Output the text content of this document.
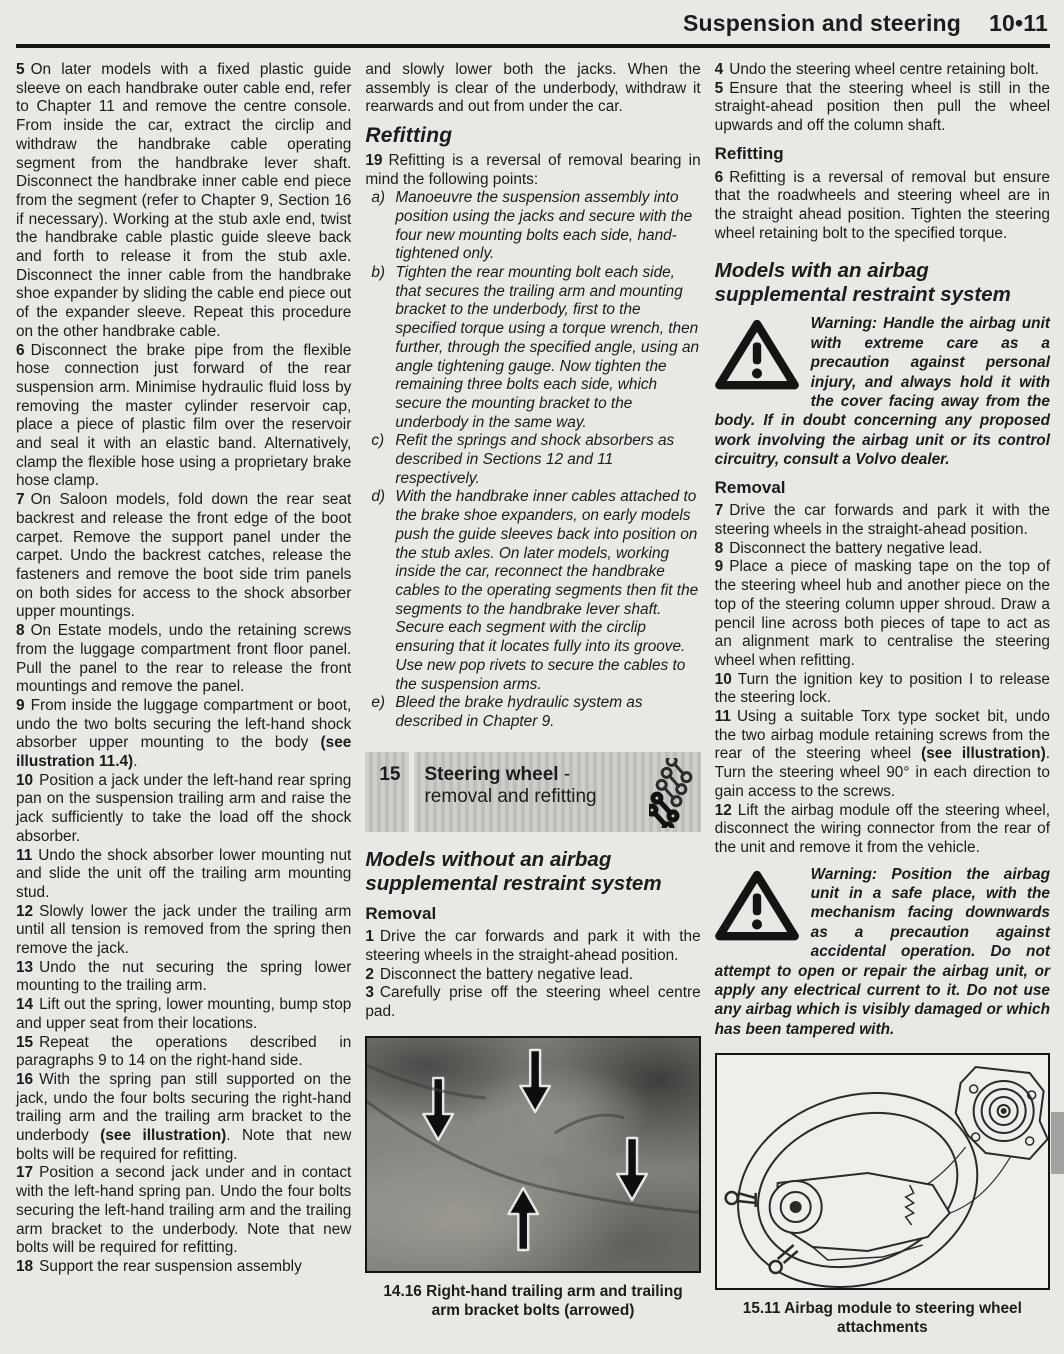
Suspension and steering 10•11

5 On later models with a fixed plastic guide sleeve on each handbrake outer cable end, refer to Chapter 11 and remove the centre console. From inside the car, extract the circlip and withdraw the handbrake cable operating segment from the handbrake lever shaft. Disconnect the handbrake inner cable end piece from the segment (refer to Chapter 9, Section 16 if necessary). Working at the stub axle end, twist the handbrake cable plastic guide sleeve back and forth to release it from the stub axle. Disconnect the inner cable from the handbrake shoe expander by sliding the cable end piece out of the expander sleeve. Repeat this procedure on the other handbrake cable.

6 Disconnect the brake pipe from the flexible hose connection just forward of the rear suspension arm. Minimise hydraulic fluid loss by removing the master cylinder reservoir cap, place a piece of plastic film over the reservoir and seal it with an elastic band. Alternatively, clamp the flexible hose using a proprietary brake hose clamp.

7 On Saloon models, fold down the rear seat backrest and release the front edge of the boot carpet. Remove the support panel under the carpet. Undo the backrest catches, release the fasteners and remove the boot side trim panels on both sides for access to the shock absorber upper mountings.

8 On Estate models, undo the retaining screws from the luggage compartment front floor panel. Pull the panel to the rear to release the front mountings and remove the panel.

9 From inside the luggage compartment or boot, undo the two bolts securing the left-hand shock absorber upper mounting to the body (see illustration 11.4).

10 Position a jack under the left-hand rear spring pan on the suspension trailing arm and raise the jack sufficiently to take the load off the shock absorber.

11 Undo the shock absorber lower mounting nut and slide the unit off the trailing arm mounting stud.

12 Slowly lower the jack under the trailing arm until all tension is removed from the spring then remove the jack.

13 Undo the nut securing the spring lower mounting to the trailing arm.

14 Lift out the spring, lower mounting, bump stop and upper seat from their locations.

15 Repeat the operations described in paragraphs 9 to 14 on the right-hand side.

16 With the spring pan still supported on the jack, undo the four bolts securing the right-hand trailing arm and the trailing arm bracket to the underbody (see illustration). Note that new bolts will be required for refitting.

17 Position a second jack under and in contact with the left-hand spring pan. Undo the four bolts securing the left-hand trailing arm and the trailing arm bracket to the underbody. Note that new bolts will be required for refitting.

18 Support the rear suspension assembly

and slowly lower both the jacks. When the assembly is clear of the underbody, withdraw it rearwards and out from under the car.

Refitting

19 Refitting is a reversal of removal bearing in mind the following points:

a) Manoeuvre the suspension assembly into position using the jacks and secure with the four new mounting bolts each side, hand-tightened only.
b) Tighten the rear mounting bolt each side, that secures the trailing arm and mounting bracket to the underbody, first to the specified torque using a torque wrench, then further, through the specified angle, using an angle tightening gauge. Now tighten the remaining three bolts each side, which secure the mounting bracket to the underbody in the same way.
c) Refit the springs and shock absorbers as described in Sections 12 and 11 respectively.
d) With the handbrake inner cables attached to the brake shoe expanders, on early models push the guide sleeves back into position on the stub axles. On later models, working inside the car, reconnect the handbrake cables to the operating segments then fit the segments to the handbrake lever shaft. Secure each segment with the circlip ensuring that it locates fully into its groove. Use new pop rivets to secure the cables to the suspension arms.
e) Bleed the brake hydraulic system as described in Chapter 9.
15	Steering wheel - removal and refitting
Models without an airbag supplemental restraint system
Removal

1 Drive the car forwards and park it with the steering wheels in the straight-ahead position.

2 Disconnect the battery negative lead.

3 Carefully prise off the steering wheel centre pad.

14.16 Right-hand trailing arm and trailing arm bracket bolts (arrowed)

4 Undo the steering wheel centre retaining bolt.

5 Ensure that the steering wheel is still in the straight-ahead position then pull the wheel upwards and off the column shaft.

Refitting

6 Refitting is a reversal of removal but ensure that the roadwheels and steering wheel are in the straight ahead position. Tighten the steering wheel retaining bolt to the specified torque.

Models with an airbag supplemental restraint system

Warning: Handle the airbag unit with extreme care as a precaution against personal injury, and always hold it with the cover facing away from the body. If in doubt concerning any proposed work involving the airbag unit or its control circuitry, consult a Volvo dealer.

Removal

7 Drive the car forwards and park it with the steering wheels in the straight-ahead position.

8 Disconnect the battery negative lead.

9 Place a piece of masking tape on the top of the steering wheel hub and another piece on the top of the steering column upper shroud. Draw a pencil line across both pieces of tape to act as an alignment mark to centralise the steering wheel when refitting.

10 Turn the ignition key to position I to release the steering lock.

11 Using a suitable Torx type socket bit, undo the two airbag module retaining screws from the rear of the steering wheel (see illustration). Turn the steering wheel 90° in each direction to gain access to the screws.

12 Lift the airbag module off the steering wheel, disconnect the wiring connector from the rear of the unit and remove it from the vehicle.

Warning: Position the airbag unit in a safe place, with the mechanism facing downwards as a precaution against accidental operation. Do not attempt to open or repair the airbag unit, or apply any electrical current to it. Do not use any airbag which is visibly damaged or which has been tampered with.

15.11 Airbag module to steering wheel attachments
